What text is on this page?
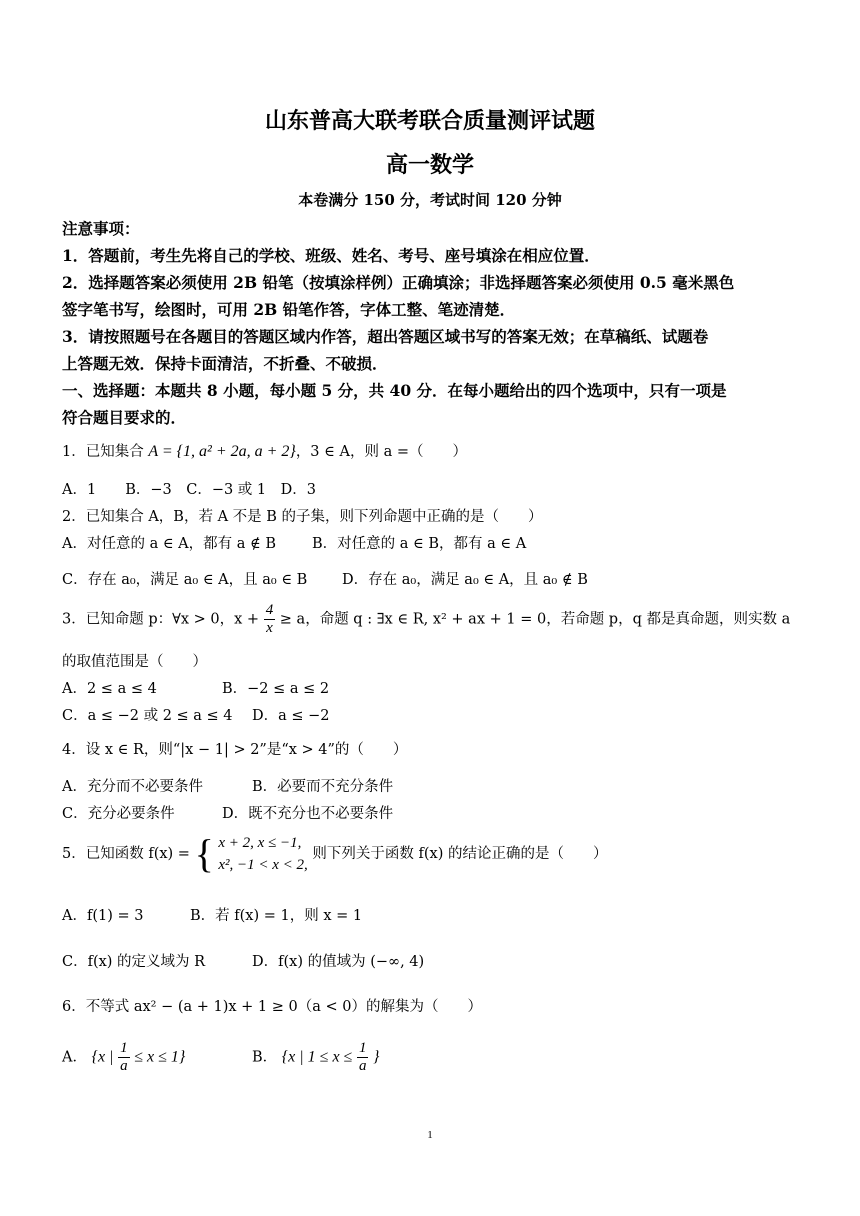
山东普高大联考联合质量测评试题
高一数学
本卷满分 150 分，考试时间 120 分钟
注意事项：
1．答题前，考生先将自己的学校、班级、姓名、考号、座号填涂在相应位置．
2．选择题答案必须使用 2B 铅笔（按填涂样例）正确填涂；非选择题答案必须使用 0.5 毫米黑色
签字笔书写，绘图时，可用 2B 铅笔作答，字体工整、笔迹清楚．
3．请按照题号在各题目的答题区域内作答，超出答题区域书写的答案无效；在草稿纸、试题卷
上答题无效．保持卡面清洁，不折叠、不破损．
一、选择题：本题共 8 小题，每小题 5 分，共 40 分．在每小题给出的四个选项中，只有一项是
符合题目要求的．
1．已知集合 A = {1, a² + 2a, a + 2}，3 ∈ A，则 a =（　　）
A．1　　B．−3　C．−3 或 1　D．3
2．已知集合 A，B，若 A 不是 B 的子集，则下列命题中正确的是（　　）
A．对任意的 a ∈ A，都有 a ∉ B B．对任意的 a ∈ B，都有 a ∈ A
C．存在 a₀，满足 a₀ ∈ A，且 a₀ ∈ B D．存在 a₀，满足 a₀ ∈ A，且 a₀ ∉ B
3．已知命题 p：∀x > 0，$x + \frac{4}{x} \ge a$，命题 q : ∃x ∈ R, x² + ax + 1 = 0，若命题 p，q 都是真命题，则实数 a
的取值范围是（　　）
A．2 ≤ a ≤ 4	B．−2 ≤ a ≤ 2
C．a ≤ −2 或 2 ≤ a ≤ 4 D．a ≤ −2
4．设 x ∈ R，则“|x − 1| > 2”是“x > 4”的（　　）
A．充分而不必要条件	B．必要而不充分条件
C．充分必要条件	D．既不充分也不必要条件
5．已知函数 f(x) = { x + 2, x ≤ −1,
x², −1 < x < 2,
则下列关于函数 f(x) 的结论正确的是（　　）
A．f(1) = 3	B．若 f(x) = 1，则 x = 1
C．f(x) 的定义域为 R	D．f(x) 的值域为 (−∞, 4)
6．不等式 ax² − (a + 1)x + 1 ≥ 0（a < 0）的解集为（　　）
A． {x | $\frac{1}{a} \le x \le 1$}	B． {x | $1 \le x \le \frac{1}{a}$ }
1
